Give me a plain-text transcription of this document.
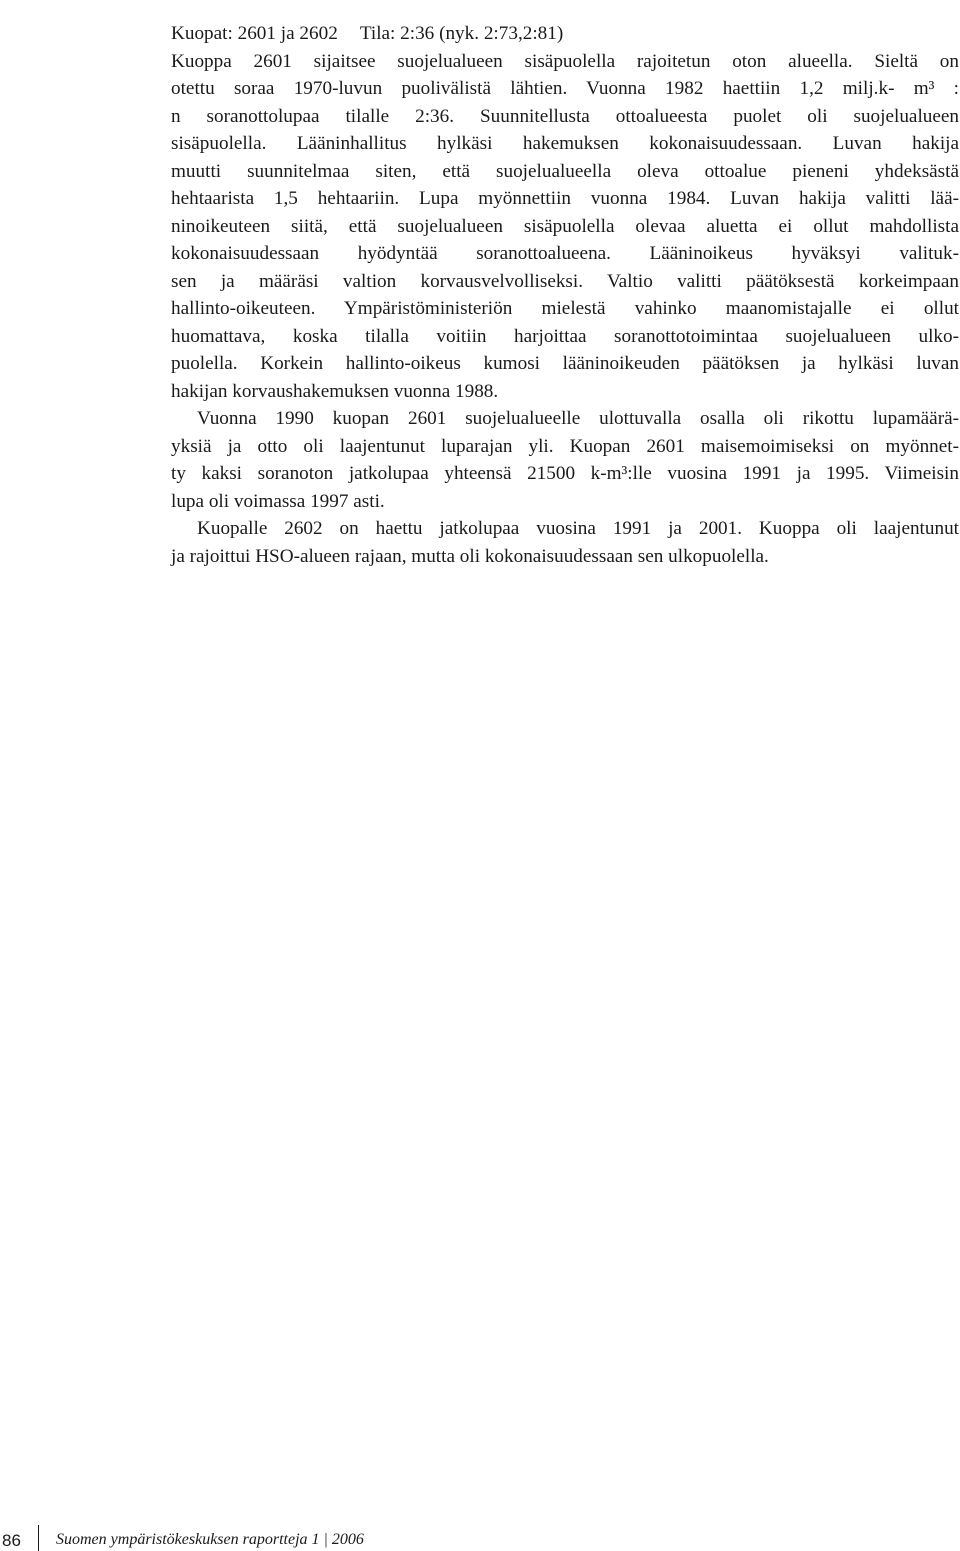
Kuopat: 2601 ja 2602 Tila: 2:36 (nyk. 2:73,2:81)

Kuoppa 2601 sijaitsee suojelualueen sisäpuolella rajoitetun oton alueella. Sieltä on
otettu soraa 1970-luvun puolivälistä lähtien. Vuonna 1982 haettiin 1,2 milj.k- m³ :
n soranottolupaa tilalle 2:36. Suunnitellusta ottoalueesta puolet oli suojelualueen
sisäpuolella. Lääninhallitus hylkäsi hakemuksen kokonaisuudessaan. Luvan hakija
muutti suunnitelmaa siten, että suojelualueella oleva ottoalue pieneni yhdeksästä
hehtaarista 1,5 hehtaariin. Lupa myönnettiin vuonna 1984. Luvan hakija valitti lää-
ninoikeuteen siitä, että suojelualueen sisäpuolella olevaa aluetta ei ollut mahdollista
kokonaisuudessaan hyödyntää soranottoalueena. Lääninoikeus hyväksyi valituk-
sen ja määräsi valtion korvausvelvolliseksi. Valtio valitti päätöksestä korkeimpaan
hallinto-oikeuteen. Ympäristöministeriön mielestä vahinko maanomistajalle ei ollut
huomattava, koska tilalla voitiin harjoittaa soranottotoimintaa suojelualueen ulko-
puolella. Korkein hallinto-oikeus kumosi lääninoikeuden päätöksen ja hylkäsi luvan
hakijan korvaushakemuksen vuonna 1988.

Vuonna 1990 kuopan 2601 suojelualueelle ulottuvalla osalla oli rikottu lupamäärä-
yksiä ja otto oli laajentunut luparajan yli. Kuopan 2601 maisemoimiseksi on myönnet-
ty kaksi soranoton jatkolupaa yhteensä 21500 k-m³:lle vuosina 1991 ja 1995. Viimeisin
lupa oli voimassa 1997 asti.

Kuopalle 2602 on haettu jatkolupaa vuosina 1991 ja 2001. Kuoppa oli laajentunut
ja rajoittui HSO-alueen rajaan, mutta oli kokonaisuudessaan sen ulkopuolella.

86 Suomen ympäristökeskuksen raportteja 1 | 2006
